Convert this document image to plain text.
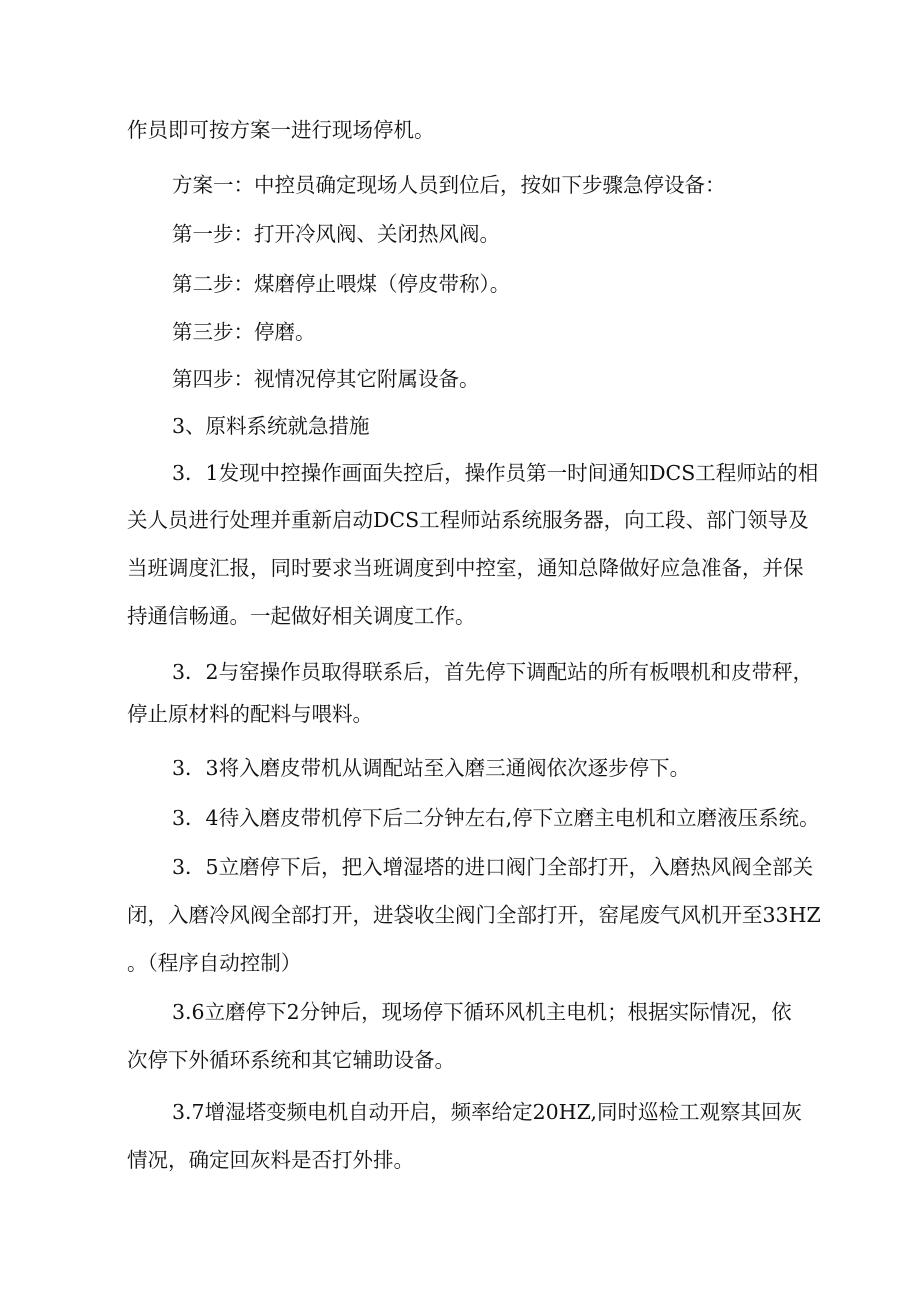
作员即可按方案一进行现场停机。
方案一：中控员确定现场人员到位后，按如下步骤急停设备：
第一步：打开冷风阀、关闭热风阀。
第二步：煤磨停止喂煤（停皮带称）。
第三步：停磨。
第四步：视情况停其它附属设备。
3、原料系统就急措施
3．1发现中控操作画面失控后，操作员第一时间通知DCS工程师站的相
关人员进行处理并重新启动DCS工程师站系统服务器，向工段、部门领导及
当班调度汇报，同时要求当班调度到中控室，通知总降做好应急准备，并保
持通信畅通。一起做好相关调度工作。
3．2与窑操作员取得联系后，首先停下调配站的所有板喂机和皮带秤，
停止原材料的配料与喂料。
3．3将入磨皮带机从调配站至入磨三通阀依次逐步停下。
3．4待入磨皮带机停下后二分钟左右,停下立磨主电机和立磨液压系统。
3．5立磨停下后，把入增湿塔的进口阀门全部打开，入磨热风阀全部关
闭，入磨冷风阀全部打开，进袋收尘阀门全部打开，窑尾废气风机开至33HZ
。（程序自动控制）
3.6立磨停下2分钟后，现场停下循环风机主电机；根据实际情况，依
次停下外循环系统和其它辅助设备。
3.7增湿塔变频电机自动开启，频率给定20HZ,同时巡检工观察其回灰
情况，确定回灰料是否打外排。
